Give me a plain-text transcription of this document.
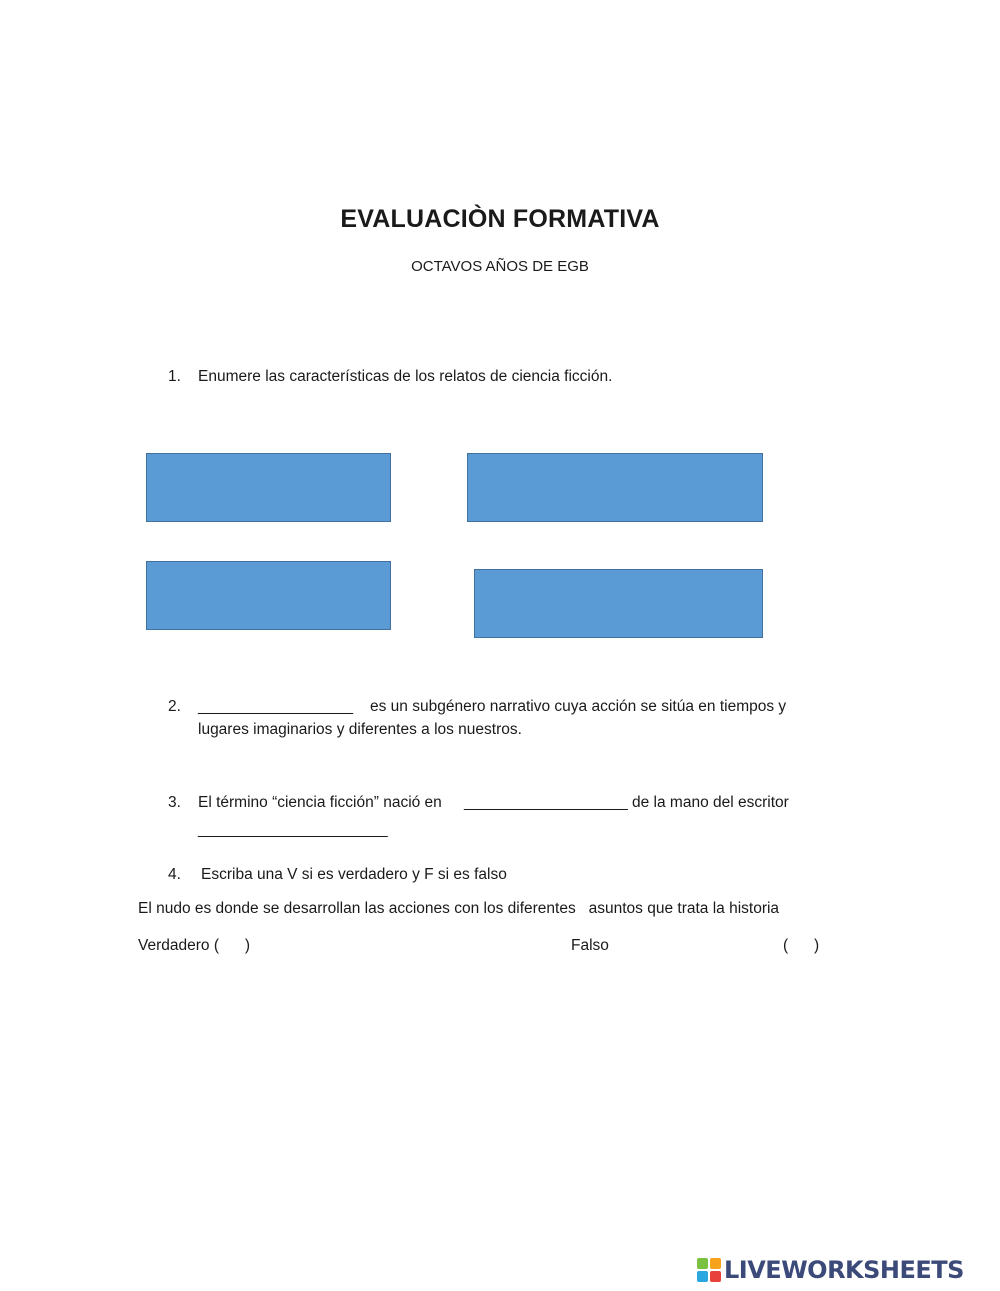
EVALUACIÒN FORMATIVA
OCTAVOS AÑOS DE EGB
1. Enumere las características de los relatos de ciencia ficción.
2. __________________ es un subgénero narrativo cuya acción se sitúa en tiempos y
lugares imaginarios y diferentes a los nuestros.
3. El término “ciencia ficción” nació en ___________________ de la mano del escritor
______________________
4. Escriba una V si es verdadero y F si es falso
El nudo es donde se desarrollan las acciones con los diferentes   asuntos que trata la historia
Verdadero (      )	Falso	(      )
LIVEWORKSHEETS
